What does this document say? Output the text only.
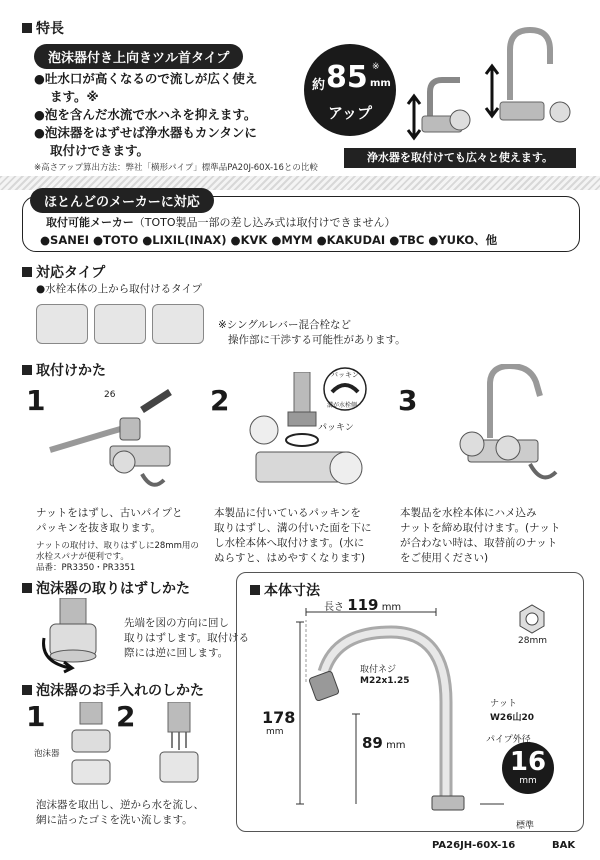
特長
泡沫器付き上向きツル首タイプ
●吐水口が高くなるので流しが広く使え
ます。※
●泡を含んだ水流で水ハネを抑えます。
●泡沫器をはずせば浄水器もカンタンに
取付けできます。
※高さアップ算出方法：弊社「横形パイプ」標準品PA20J-60X-16との比較
約 85 mm
※
アップ
浄水器を取付けても広々と使えます。
ほとんどのメーカーに対応
取付可能メーカー（TOTO製品一部の差し込み式は取付けできません）
●SANEI ●TOTO ●LIXIL(INAX) ●KVK ●MYM ●KAKUDAI ●TBC ●YUKO、他
対応タイプ
●水栓本体の上から取付けるタイプ
※シングルレバー混合栓など
操作部に干渉する可能性があります。
取付けかた
1	2	3
26
パッキン
溝が水栓側
パッキン
ナットをはずし、古いパイプと
パッキンを抜き取ります。
ナットの取付け、取りはずしに28mm用の
水栓スパナが便利です。
品番：PR3350・PR3351
本製品に付いているパッキンを
取りはずし、溝の付いた面を下に
し水栓本体へ取付けます。(水に
ぬらすと、はめやすくなります)
本製品を水栓本体にハメ込み
ナットを締め取付けます。(ナット
が合わない時は、取替前のナット
をご使用ください)
泡沫器の取りはずしかた
先端を図の方向に回し
取りはずします。取付ける
際には逆に回します。
泡沫器のお手入れのしかた
1	2
泡沫器
泡沫器を取出し、逆から水を流し、
網に詰ったゴミを洗い流します。
本体寸法
長さ 119 mm
178
mm
89 mm
取付ネジ
M22x1.25
28mm
ナット
W26山20
パイプ外径
16
mm
標準
PA26JH-60X-16	BAK
